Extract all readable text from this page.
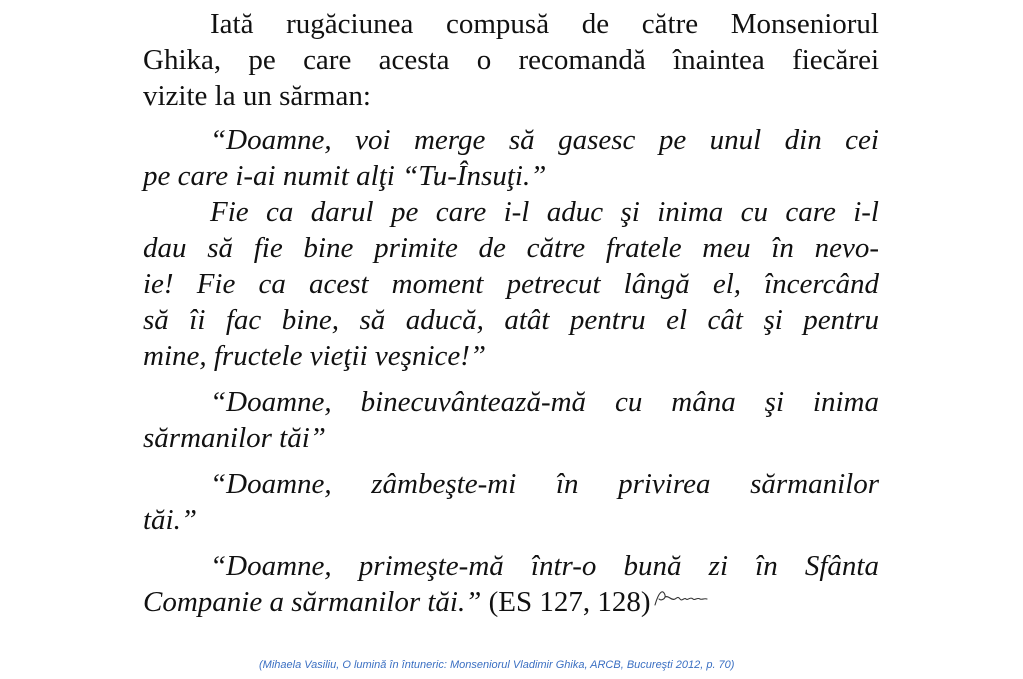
Iată rugăciunea compusă de către Monseniorul
Ghika, pe care acesta o recomandă înaintea fiecărei
vizite la un sărman:
“Doamne, voi merge să gasesc pe unul din cei
pe care i-ai numit alţi “Tu-Însuţi.”
Fie ca darul pe care i-l aduc şi inima cu care i-l
dau să fie bine primite de către fratele meu în nevo-
ie! Fie ca acest moment petrecut lângă el, încercând
să îi fac bine, să aducă, atât pentru el cât şi pentru
mine, fructele vieţii veşnice!”
“Doamne, binecuvântează-mă cu mâna şi inima
sărmanilor tăi”
“Doamne, zâmbeşte-mi în privirea sărmanilor
tăi.”
“Doamne, primeşte-mă într-o bună zi în Sfânta
Companie a sărmanilor tăi.” (ES 127, 128)
(Mihaela Vasiliu, O lumină în întuneric: Monseniorul Vladimir Ghika, ARCB, Bucureşti 2012, p. 70)
